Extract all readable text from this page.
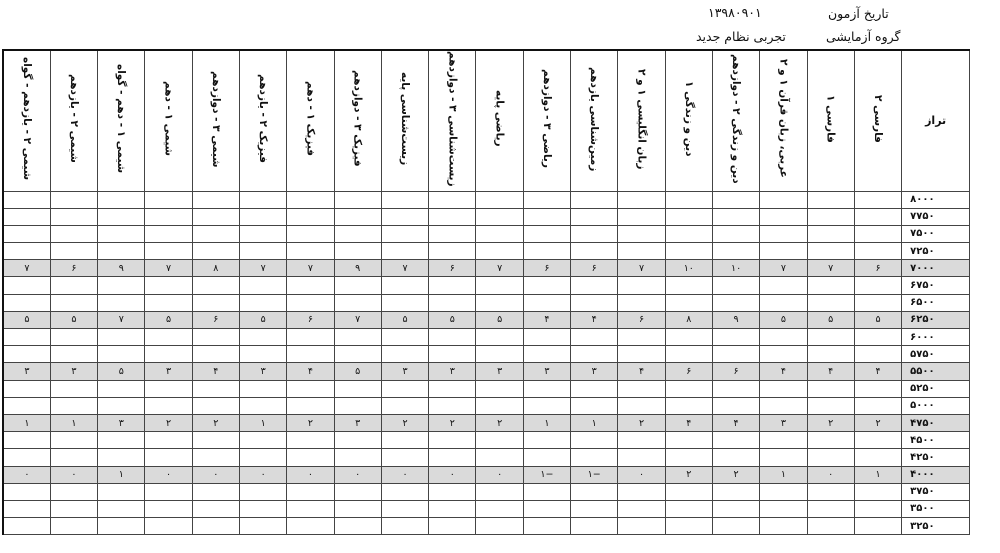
تاریخ آزمون
۱۳۹۸۰۹۰۱
گروه آزمایشی
تجربی نظام جدید
تراز	فارسی ۲	فارسی ۱	عربی، زبان قرآن ۱ و ۲	دین و زندگی ۲ - دوازدهم	دین و زندگی ۱	زبان انگلیسی ۱ و ۲	زمین‌شناسی یازدهم	ریاضی ۳ - دوازدهم	ریاضی پایه	زیست‌شناسی ۳ - دوازدهم	زیست‌شناسی پایه	فیزیک ۳ - دوازدهم	فیزیک ۱ - دهم	فیزیک ۲ - یازدهم	شیمی ۳ - دوازدهم	شیمی ۱ - دهم	شیمی ۱ - دهم - گواه	شیمی ۲ - یازدهم	شیمی ۲ - یازدهم - گواه
۸۰۰۰																			
۷۷۵۰																			
۷۵۰۰																			
۷۲۵۰																			
۷۰۰۰	۶	۷	۷	۱۰	۱۰	۷	۶	۶	۷	۶	۷	۹	۷	۷	۸	۷	۹	۶	۷
۶۷۵۰																			
۶۵۰۰																			
۶۲۵۰	۵	۵	۵	۹	۸	۶	۴	۴	۵	۵	۵	۷	۶	۵	۶	۵	۷	۵	۵
۶۰۰۰																			
۵۷۵۰																			
۵۵۰۰	۴	۴	۴	۶	۶	۴	۳	۳	۳	۳	۳	۵	۴	۳	۴	۳	۵	۳	۳
۵۲۵۰																			
۵۰۰۰																			
۴۷۵۰	۲	۲	۳	۴	۴	۲	۱	۱	۲	۲	۲	۳	۲	۱	۲	۲	۳	۱	۱
۴۵۰۰																			
۴۲۵۰																			
۴۰۰۰	۱	۰	۱	۲	۲	۰	−۱	−۱	۰	۰	۰	۰	۰	۰	۰	۰	۱	۰	۰
۳۷۵۰																			
۳۵۰۰																			
۳۲۵۰																			
